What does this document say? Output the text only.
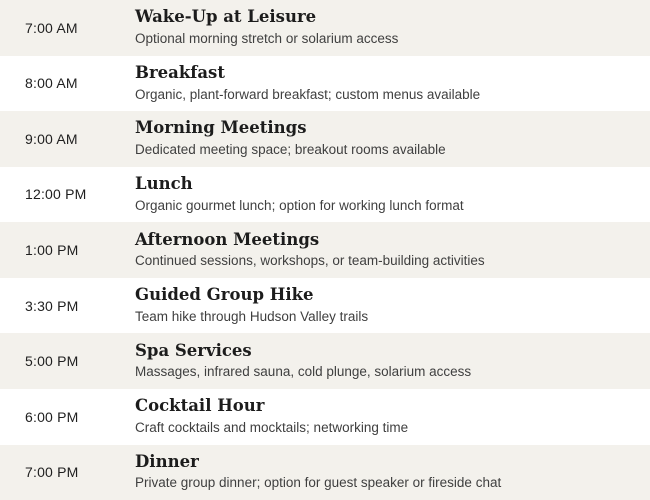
7:00 AM
Wake-Up at Leisure
Optional morning stretch or solarium access
8:00 AM
Breakfast
Organic, plant-forward breakfast; custom menus available
9:00 AM
Morning Meetings
Dedicated meeting space; breakout rooms available
12:00 PM
Lunch
Organic gourmet lunch; option for working lunch format
1:00 PM
Afternoon Meetings
Continued sessions, workshops, or team-building activities
3:30 PM
Guided Group Hike
Team hike through Hudson Valley trails
5:00 PM
Spa Services
Massages, infrared sauna, cold plunge, solarium access
6:00 PM
Cocktail Hour
Craft cocktails and mocktails; networking time
7:00 PM
Dinner
Private group dinner; option for guest speaker or fireside chat
